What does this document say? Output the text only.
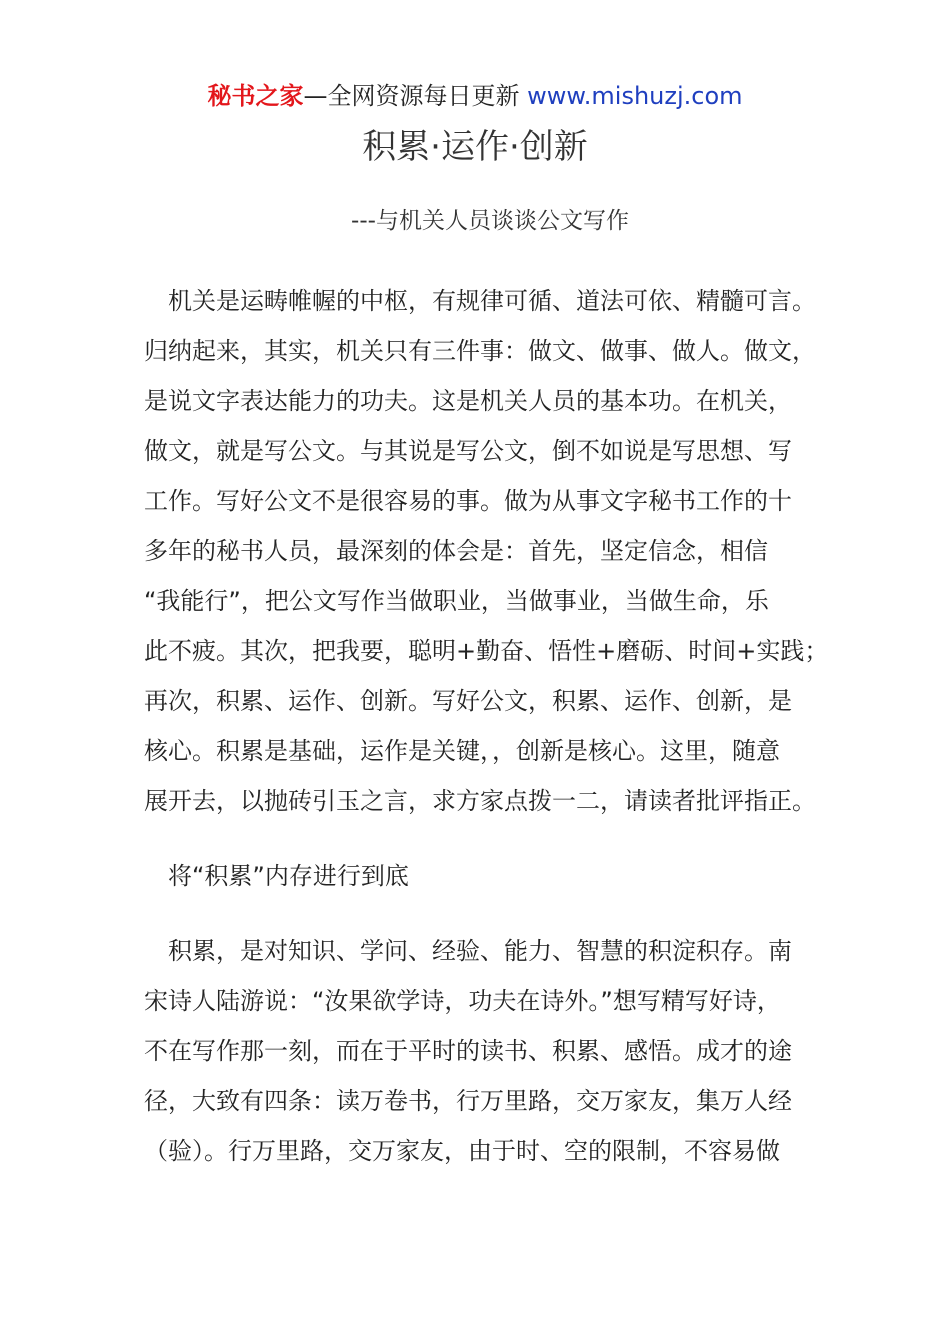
秘书之家—全网资源每日更新 www.mishuzj.com
积累·运作·创新
---与机关人员谈谈公文写作
　机关是运畴帷幄的中枢，有规律可循、道法可依、精髓可言。
归纳起来，其实，机关只有三件事：做文、做事、做人。做文，
是说文字表达能力的功夫。这是机关人员的基本功。在机关，
做文，就是写公文。与其说是写公文，倒不如说是写思想、写
工作。写好公文不是很容易的事。做为从事文字秘书工作的十
多年的秘书人员，最深刻的体会是：首先，坚定信念，相信
“我能行”，把公文写作当做职业，当做事业，当做生命，乐
此不疲。其次，把我要，聪明+勤奋、悟性+磨砺、时间+实践；
再次，积累、运作、创新。写好公文，积累、运作、创新，是
核心。积累是基础，运作是关键，，创新是核心。这里，随意
展开去，以抛砖引玉之言，求方家点拨一二，请读者批评指正。
　将“积累”内存进行到底
　积累，是对知识、学问、经验、能力、智慧的积淀积存。南
宋诗人陆游说：“汝果欲学诗，功夫在诗外。”想写精写好诗，
不在写作那一刻，而在于平时的读书、积累、感悟。成才的途
径，大致有四条：读万卷书，行万里路，交万家友，集万人经
（验）。行万里路，交万家友，由于时、空的限制，不容易做
